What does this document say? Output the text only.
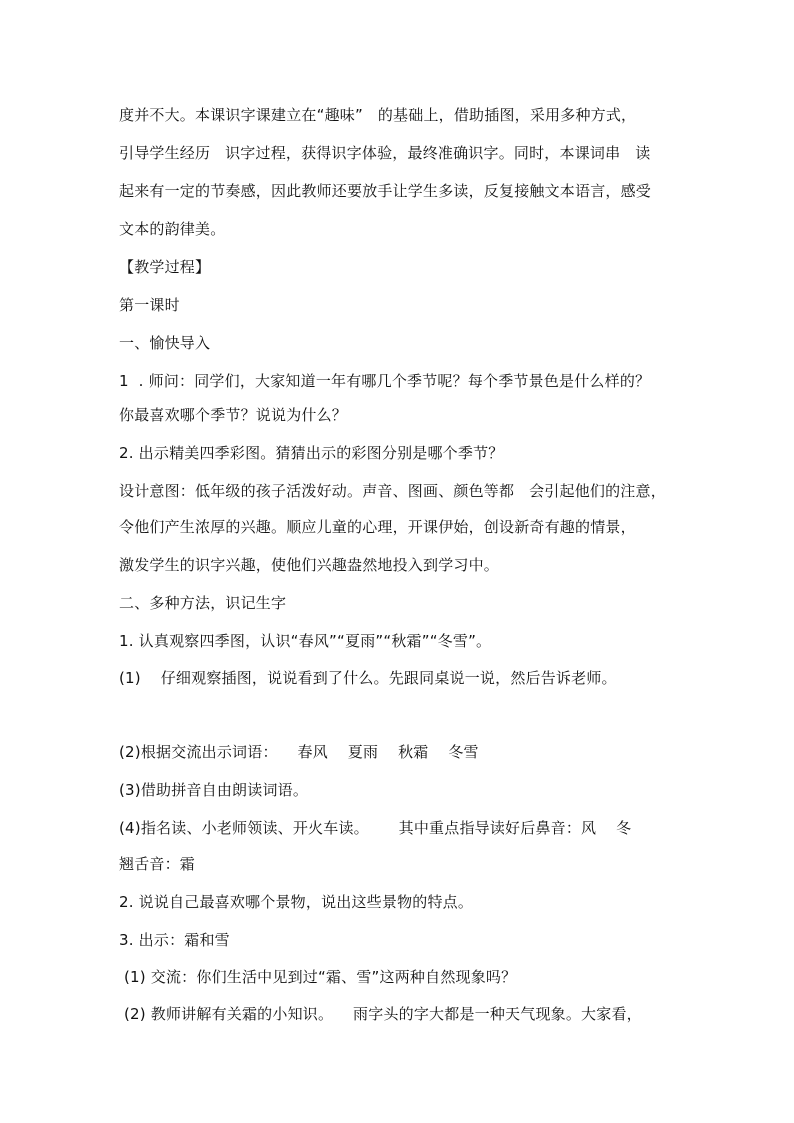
度并不大。本课识字课建立在“趣味”   的基础上，借助插图，采用多种方式，
引导学生经历   识字过程，获得识字体验，最终准确识字。同时，本课词串   读
起来有一定的节奏感，因此教师还要放手让学生多读，反复接触文本语言，感受
文本的韵律美。
【教学过程】
第一课时
一、愉快导入
1  . 师问：同学们，大家知道一年有哪几个季节呢？每个季节景色是什么样的？
你最喜欢哪个季节？说说为什么？
2. 出示精美四季彩图。猜猜出示的彩图分别是哪个季节？
设计意图：低年级的孩子活泼好动。声音、图画、颜色等都   会引起他们的注意，
令他们产生浓厚的兴趣。顺应儿童的心理，开课伊始，创设新奇有趣的情景，
激发学生的识字兴趣，使他们兴趣盎然地投入到学习中。
二、多种方法，识记生字
1. 认真观察四季图，认识“春风”“夏雨”“秋霜”“冬雪”。
(1)    仔细观察插图，说说看到了什么。先跟同桌说一说，然后告诉老师。
(2)根据交流出示词语：    春风    夏雨    秋霜    冬雪
(3)借助拼音自由朗读词语。
(4)指名读、小老师领读、开火车读。      其中重点指导读好后鼻音：风    冬
翘舌音：霜
2. 说说自己最喜欢哪个景物，说出这些景物的特点。
3. 出示：霜和雪
(1) 交流：你们生活中见到过“霜、雪”这两种自然现象吗？
(2) 教师讲解有关霜的小知识。    雨字头的字大都是一种天气现象。大家看，
